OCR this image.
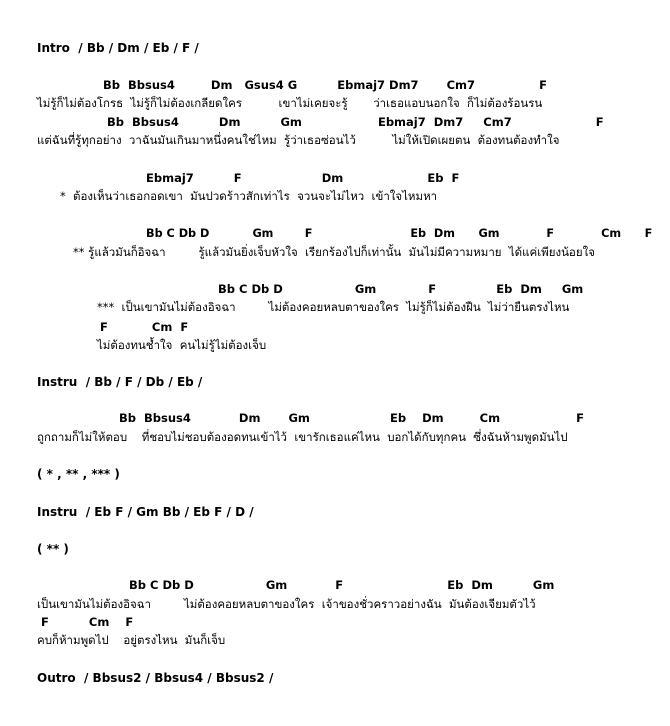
Intro  / Bb / Dm / Eb / F /
Bb  Bbsus4         Dm   Gsus4 G          Ebmaj7 Dm7       Cm7                F
ไม่รู้ก็ไม่ต้องโกรธ  ไม่รู้ก็ไม่ต้องเกลียดใคร          เขาไม่เคยจะรู้       ว่าเธอแอบนอกใจ  ก็ไม่ต้องร้อนรน
Bb  Bbsus4          Dm          Gm                   Ebmaj7  Dm7     Cm7                     F
แต่ฉันที่รู้ทุกอย่าง  วาฉันมันเกินมาหนึ่งคนใช่ไหม  รู้ว่าเธอซ่อนไว้          ไม่ให้เปิดเผยตน  ต้องทนต้องทำใจ
Ebmaj7          F                    Dm                     Eb  F
*  ต้องเห็นว่าเธอกอดเขา  มันปวดร้าวสักเท่าไร  จวนจะไม่ไหว  เข้าใจไหมหา
Bb C Db D           Gm        F                         Eb  Dm      Gm            F            Cm      F
** รู้แล้วมันก็อิจฉา         รู้แล้วมันยิ่งเจ็บหัวใจ  เรียกร้องไปก็เท่านั้น  มันไม่มีความหมาย  ได้แค่เพียงน้อยใจ
Bb C Db D                  Gm             F               Eb  Dm     Gm
***  เป็นเขามันไม่ต้องอิจฉา         ไม่ต้องคอยหลบตาของใคร  ไม่รู้ก็ไม่ต้องฝืน  ไม่ว่ายืนตรงไหน
F           Cm  F
ไม่ต้องทนช้ำใจ  คนไม่รู้ไม่ต้องเจ็บ
Instru  / Bb / F / Db / Eb /
Bb  Bbsus4            Dm       Gm                    Eb    Dm         Cm                   F
ถูกถามก็ไม่ให้ตอบ    ที่ชอบไม่ชอบต้องอดทนเข้าไว้  เขารักเธอแค่ไหน  บอกได้กับทุกคน  ซึ่งฉันห้ามพูดมันไป
( * , ** , *** )
Instru  / Eb F / Gm Bb / Eb F / D /
( ** )
Bb C Db D                  Gm            F                          Eb  Dm          Gm
เป็นเขามันไม่ต้องอิจฉา         ไม่ต้องคอยหลบตาของใคร  เจ้าของชั่วคราวอย่างฉัน  มันต้องเจียมตัวไว้
F          Cm    F
คบก็ห้ามพูดไป    อยู่ตรงไหน  มันก็เจ็บ
Outro  / Bbsus2 / Bbsus4 / Bbsus2 /
